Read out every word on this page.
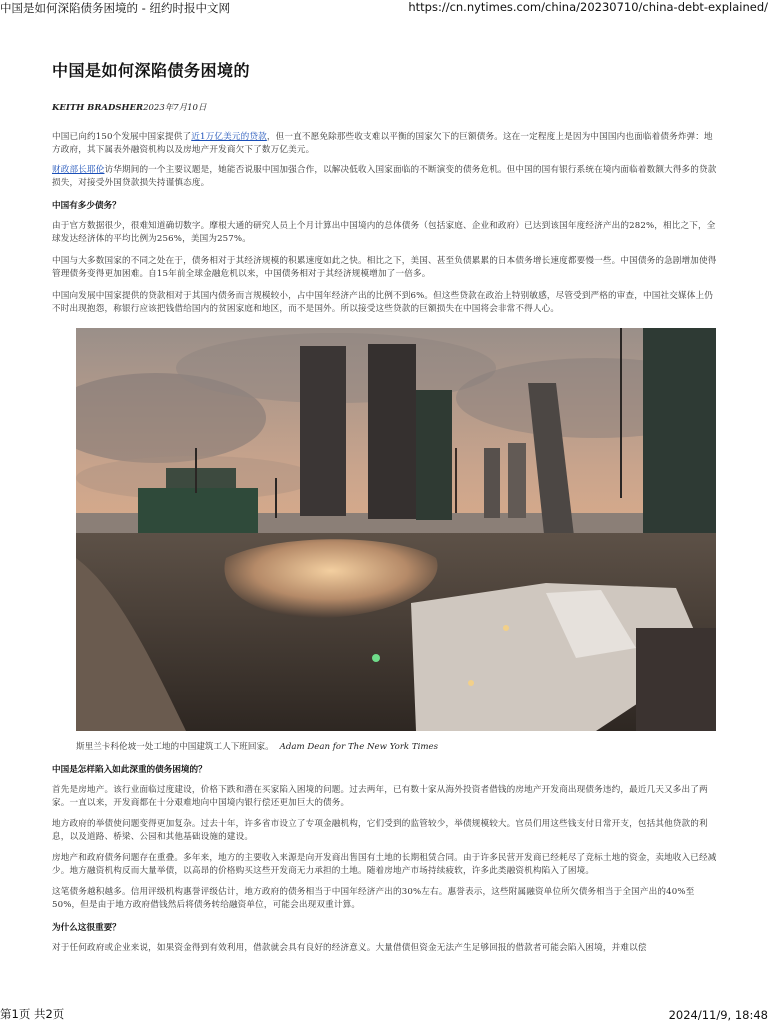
中国是如何深陷债务困境的 - 纽约时报中文网	https://cn.nytimes.com/china/20230710/china-debt-explained/
中国是如何深陷债务困境的
KEITH BRADSHER2023年7月10日

中国已向约150个发展中国家提供了近1万亿美元的贷款，但一直不愿免除那些收支难以平衡的国家欠下的巨额债务。这在一定程度上是因为中国国内也面临着债务炸弹：地方政府，其下属表外融资机构以及房地产开发商欠下了数万亿美元。

财政部长耶伦访华期间的一个主要议题是，她能否说服中国加强合作，以解决低收入国家面临的不断演变的债务危机。但中国的国有银行系统在境内面临着数额大得多的贷款损失，对接受外国贷款损失持谨慎态度。

中国有多少债务？

由于官方数据很少，很难知道确切数字。摩根大通的研究人员上个月计算出中国境内的总体债务（包括家庭、企业和政府）已达到该国年度经济产出的282%，相比之下，全球发达经济体的平均比例为256%，美国为257%。

中国与大多数国家的不同之处在于，债务相对于其经济规模的积累速度如此之快。相比之下，美国、甚至负债累累的日本债务增长速度都要慢一些。中国债务的急剧增加使得管理债务变得更加困难。自15年前全球金融危机以来，中国债务相对于其经济规模增加了一倍多。

中国向发展中国家提供的贷款相对于其国内债务而言规模较小，占中国年经济产出的比例不到6%。但这些贷款在政治上特别敏感，尽管受到严格的审查，中国社交媒体上仍不时出现抱怨，称银行应该把钱借给国内的贫困家庭和地区，而不是国外。所以接受这些贷款的巨额损失在中国将会非常不得人心。

斯里兰卡科伦坡一处工地的中国建筑工人下班回家。 Adam Dean for The New York Times

中国是怎样陷入如此深重的债务困境的？

首先是房地产。该行业面临过度建设，价格下跌和潜在买家陷入困境的问题。过去两年，已有数十家从海外投资者借钱的房地产开发商出现债务违约，最近几天又多出了两家。一直以来，开发商都在十分艰难地向中国境内银行偿还更加巨大的债务。

地方政府的举债使问题变得更加复杂。过去十年，许多省市设立了专项金融机构，它们受到的监管较少，举债规模较大。官员们用这些钱支付日常开支，包括其他贷款的利息，以及道路、桥梁、公园和其他基础设施的建设。

房地产和政府债务问题存在重叠。多年来，地方的主要收入来源是向开发商出售国有土地的长期租赁合同。由于许多民营开发商已经耗尽了竞标土地的资金，卖地收入已经减少。地方融资机构反而大量举债，以高昂的价格购买这些开发商无力承担的土地。随着房地产市场持续疲软，许多此类融资机构陷入了困境。

这笔债务越积越多。信用评级机构惠誉评级估计，地方政府的债务相当于中国年经济产出的30%左右。惠誉表示，这些附属融资单位所欠债务相当于全国产出的40%至50%，但是由于地方政府借钱然后将债务转给融资单位，可能会出现双重计算。

为什么这很重要？

对于任何政府或企业来说，如果资金得到有效利用，借款就会具有良好的经济意义。大量借债但资金无法产生足够回报的借款者可能会陷入困境，并难以偿

第1页 共2页	2024/11/9, 18:48
